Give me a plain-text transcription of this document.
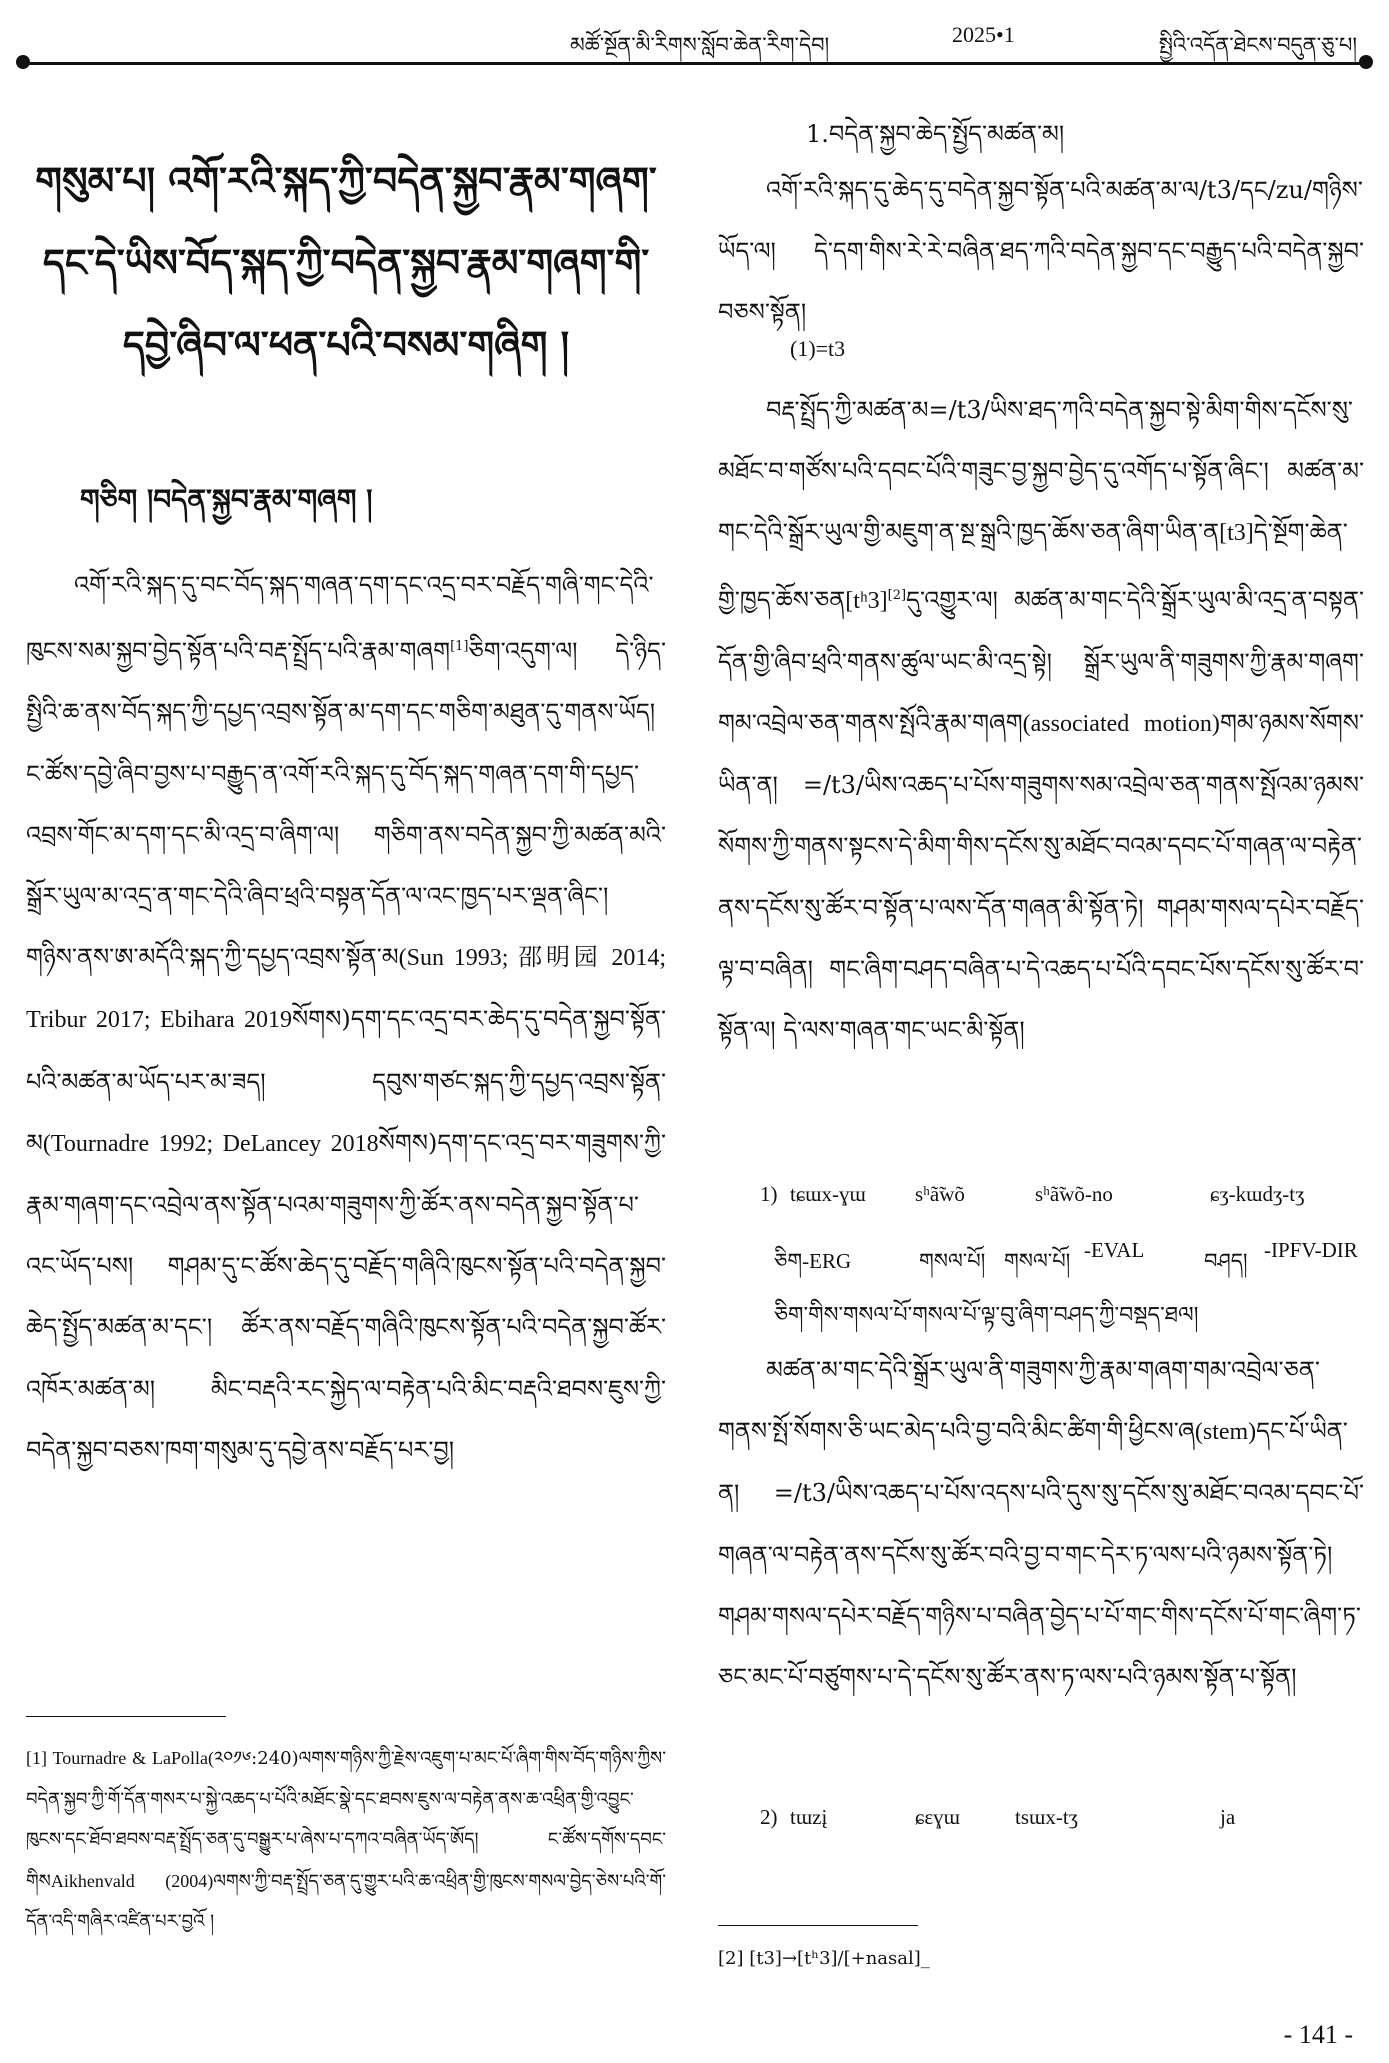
མཚོ་སྔོན་མི་རིགས་སློབ་ཆེན་རིག་དེབ།	2025•1	སྤྱིའི་འདོན་ཐེངས་བདུན་ཅུ་པ།
གསུམ་པ། འགོ་རའི་སྐད་ཀྱི་བདེན་སྐྱབ་རྣམ་གཞག་དང་དེ་ཡིས་བོད་སྐད་ཀྱི་བདེན་སྐྱབ་རྣམ་གཞག་གི་དབྱེ་ཞིབ་ལ་ཕན་པའི་བསམ་གཞིག །
གཅིག །བདེན་སྐྱབ་རྣམ་གཞག །
འགོ་རའི་སྐད་དུ་བང་བོད་སྐད་གཞན་དག་དང་འདྲ་བར་བརྗོད་གཞི་གང་དེའི་ཁུངས་སམ་སྐྱབ་བྱེད་སྟོན་པའི་བརྡ་སྤྲོད་པའི་རྣམ་གཞག[1]ཅིག་འདུག་ལ། དེ་ཉིད་སྤྱིའི་ཆ་ནས་བོད་སྐད་ཀྱི་དཔྱད་འབྲས་སྟོན་མ་དག་དང་གཅིག་མཐུན་དུ་གནས་ཡོད། ང་ཚོས་དབྱེ་ཞིབ་བྱས་པ་བརྒྱུད་ན་འགོ་རའི་སྐད་དུ་བོད་སྐད་གཞན་དག་གི་དཔྱད་འབྲས་གོང་མ་དག་དང་མི་འདྲ་བ་ཞིག་ལ། གཅིག་ནས་བདེན་སྐྱབ་ཀྱི་མཚན་མའི་སྒྲོར་ཡུལ་མ་འདྲ་ན་གང་དེའི་ཞིབ་ཕྲའི་བསྟན་དོན་ལ་འང་ཁྱད་པར་ལྡན་ཞིང་། གཉིས་ནས་ཨ་མདོའི་སྐད་ཀྱི་དཔྱད་འབྲས་སྟོན་མ(Sun 1993; 邵明园 2014; Tribur 2017; Ebihara 2019སོགས)དག་དང་འདྲ་བར་ཆེད་དུ་བདེན་སྐྱབ་སྟོན་པའི་མཚན་མ་ཡོད་པར་མ་ཟད། དབུས་གཙང་སྐད་ཀྱི་དཔྱད་འབྲས་སྟོན་མ(Tournadre 1992; DeLancey 2018སོགས)དག་དང་འདྲ་བར་གཟུགས་ཀྱི་རྣམ་གཞག་དང་འབྲེལ་ནས་སྟོན་པའམ་གཟུགས་ཀྱི་ཚོར་ནས་བདེན་སྐྱབ་སྟོན་པ་འང་ཡོད་པས། གཤམ་དུ་ང་ཚོས་ཆེད་དུ་བརྗོད་གཞིའི་ཁུངས་སྟོན་པའི་བདེན་སྐྱབ་ཆེད་སྤྱོད་མཚན་མ་དང་། ཚོར་ནས་བརྗོད་གཞིའི་ཁུངས་སྟོན་པའི་བདེན་སྐྱབ་ཚོར་འཁོར་མཚན་མ། མིང་བརྡའི་རང་སྐྱེད་ལ་བརྟེན་པའི་མིང་བརྡའི་ཐབས་ཇུས་ཀྱི་བདེན་སྐྱབ་བཅས་ཁག་གསུམ་དུ་དབྱེ་ནས་བརྗོད་པར་བྱ།
[1] Tournadre & LaPolla(༢༠༡༦:240)ལགས་གཉིས་ཀྱི་རྗེས་འཇུག་པ་མང་པོ་ཞིག་གིས་བོད་གཉིས་ཀྱིས་བདེན་སྐྱབ་ཀྱི་གོ་དོན་གསར་པ་སྐྱེ་འཆད་པ་པོའི་མཐོང་སྣེ་དང་ཐབས་ཇུས་ལ་བརྟེན་ནས་ཆ་འཕྲིན་གྱི་འབྱུང་ཁུངས་དང་ཐོབ་ཐབས་བརྡ་སྤྲོད་ཅན་དུ་བསྒྱུར་པ་ཞེས་པ་དཀའ་བཞིན་ཡོད་ཨོད། ང་ཚོས་དགོས་དབང་གིསAikhenvald (2004)ལགས་ཀྱི་བརྡ་སྤྲོད་ཅན་དུ་གྱུར་པའི་ཆ་འཕྲིན་གྱི་ཁུངས་གསལ་བྱེད་ཅེས་པའི་གོ་དོན་འདི་གཞིར་འཛིན་པར་བྱའོ །
1.བདེན་སྐྱབ་ཆེད་སྤྱོད་མཚན་མ།
འགོ་རའི་སྐད་དུ་ཆེད་དུ་བདེན་སྐྱབ་སྟོན་པའི་མཚན་མ་ལ/t3/དང/zu/གཉིས་ཡོད་ལ། དེ་དག་གིས་རེ་རེ་བཞིན་ཐད་ཀའི་བདེན་སྐྱབ་དང་བརྒྱུད་པའི་བདེན་སྐྱབ་བཅས་སྟོན།
(1)=t3
བརྡ་སྤྲོད་ཀྱི་མཚན་མ=/t3/ཡིས་ཐད་ཀའི་བདེན་སྐྱབ་སྟེ་མིག་གིས་དངོས་སུ་མཐོང་བ་གཙོས་པའི་དབང་པོའི་གཟུང་བྱ་སྐྱབ་བྱེད་དུ་འགོད་པ་སྟོན་ཞིང་། མཚན་མ་གང་དེའི་སྒྲོར་ཡུལ་གྱི་མཇུག་ན་སྔ་སྒྲའི་ཁྱད་ཆོས་ཅན་ཞིག་ཡིན་ན[t3]དེ་སྔོག་ཆེན་གྱི་ཁྱད་ཆོས་ཅན[tʰ3][2]དུ་འགྱུར་ལ། མཚན་མ་གང་དེའི་སྒྲོར་ཡུལ་མི་འདྲ་ན་བསྟན་དོན་གྱི་ཞིབ་ཕྲའི་གནས་ཚུལ་ཡང་མི་འདྲ་སྟེ། སྒྲོར་ཡུལ་ནི་གཟུགས་ཀྱི་རྣམ་གཞག་གམ་འབྲེལ་ཅན་གནས་སྤོའི་རྣམ་གཞག(associated motion)གམ་ཉམས་སོགས་ཡིན་ན། =/t3/ཡིས་འཆད་པ་པོས་གཟུགས་སམ་འབྲེལ་ཅན་གནས་སྤོའམ་ཉམས་སོགས་ཀྱི་གནས་སྟངས་དེ་མིག་གིས་དངོས་སུ་མཐོང་བའམ་དབང་པོ་གཞན་ལ་བརྟེན་ནས་དངོས་སུ་ཚོར་བ་སྟོན་པ་ལས་དོན་གཞན་མི་སྟོན་ཏེ། གཤམ་གསལ་དཔེར་བརྗོད་ལྟ་བ་བཞིན། གང་ཞིག་བཤད་བཞིན་པ་དེ་འཆད་པ་པོའི་དབང་པོས་དངོས་སུ་ཚོར་བ་སྟོན་ལ། དེ་ལས་གཞན་གང་ཡང་མི་སྟོན།
1) tɕɯx-ɣɯ sʰã̃wõ	sʰã̃wõ-no	ɕʒ-kɯdʒ-tʒ
ཅིག-ERG	གསལ་པོ། གསལ་པོ། -EVAL	བཤད། -IPFV-DIR
ཅིག་གིས་གསལ་པོ་གསལ་པོ་ལྟ་བུ་ཞིག་བཤད་ཀྱི་བསྡད་ཐལ།
མཚན་མ་གང་དེའི་སྒྲོར་ཡུལ་ནི་གཟུགས་ཀྱི་རྣམ་གཞག་གམ་འབྲེལ་ཅན་གནས་སྤོ་སོགས་ཅི་ཡང་མེད་པའི་བྱ་བའི་མིང་ཚིག་གི་ཕྱིངས་ཞ(stem)དང་པོ་ཡིན་ན། =/t3/ཡིས་འཆད་པ་པོས་འདས་པའི་དུས་སུ་དངོས་སུ་མཐོང་བའམ་དབང་པོ་གཞན་ལ་བརྟེན་ནས་དངོས་སུ་ཚོར་བའི་བྱ་བ་གང་དེར་ཏ་ལས་པའི་ཉམས་སྟོན་ཏེ། གཤམ་གསལ་དཔེར་བརྗོད་གཉིས་པ་བཞིན་བྱེད་པ་པོ་གང་གིས་དངོས་པོ་གང་ཞིག་ཏ་ཅང་མང་པོ་བཙུགས་པ་དེ་དངོས་སུ་ཚོར་ནས་ཏ་ལས་པའི་ཉམས་སྟོན་པ་སྟོན།
2) tɯzį	ɕɛɣɯ	tsɯx-tʒ	ja
[2] [t3]→[tʰ3]/[+nasal]_
- 141 -
